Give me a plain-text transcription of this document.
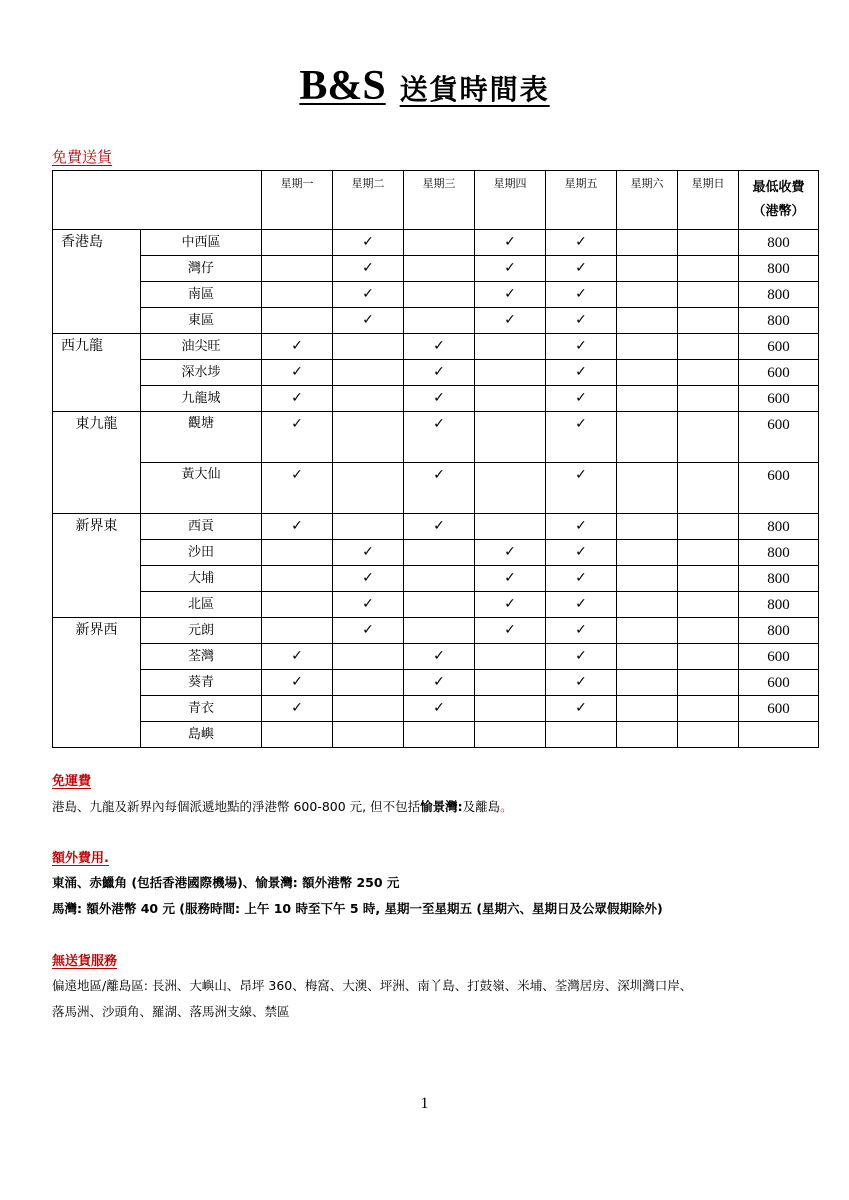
B&S 送貨時間表
免費送貨
		星期一	星期二	星期三	星期四	星期五	星期六	星期日	最低收費
（港幣）

香港島	中西區		✓		✓	✓			800
	灣仔		✓		✓	✓			800
	南區		✓		✓	✓			800
	東區		✓		✓	✓			800
西九龍	油尖旺	✓		✓		✓			600
	深水埗	✓		✓		✓			600
	九龍城	✓		✓		✓			600
東九龍	觀塘	✓		✓		✓			600
	黃大仙	✓		✓		✓			600
新界東	西貢	✓		✓		✓			800
	沙田		✓		✓	✓			800
	大埔		✓		✓	✓			800
	北區		✓		✓	✓			800
新界西	元朗		✓		✓	✓			800
	荃灣	✓		✓		✓			600
	葵青	✓		✓		✓			600
	青衣	✓		✓		✓			600
	島嶼								
免運費
港島、九龍及新界內每個派遞地點的淨港幣 600-800 元, 但不包括愉景灣:及離島。
額外費用.
東涌、赤鱲角 (包括香港國際機場)、愉景灣: 額外港幣 250 元
馬灣: 額外港幣 40 元 (服務時間: 上午 10 時至下午 5 時, 星期一至星期五 (星期六、星期日及公眾假期除外)
無送貨服務
偏遠地區/離島區: 長洲、大嶼山、昂坪 360、梅窩、大澳、坪洲、南丫島、打鼓嶺、米埔、荃灣居房、深圳灣口岸、
落馬洲、沙頭角、羅湖、落馬洲支線、禁區
1
